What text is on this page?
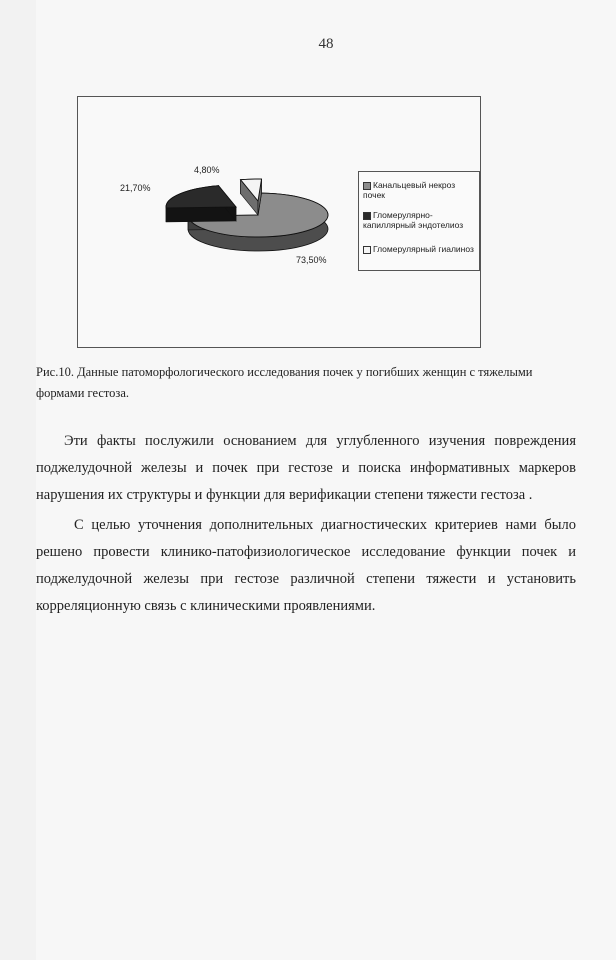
48
73,50%
21,70%
4,80%
Канальцевый некроз почек
Гломерулярно-капиллярный эндотелиоз
Гломерулярный гиалиноз
Рис.10. Данные патоморфологического исследования почек у погибших женщин с тяжелыми формами гестоза.

Эти факты послужили основанием для углубленного изучения повреждения поджелудочной железы и почек при гестозе и поиска информативных маркеров нарушения их структуры и функции для верификации степени тяжести гестоза .

С целью уточнения дополнительных диагностических критериев нами было решено провести клинико-патофизиологическое исследование функции почек и поджелудочной железы при гестозе различной степени тяжести и установить корреляционную связь с клиническими проявлениями.
